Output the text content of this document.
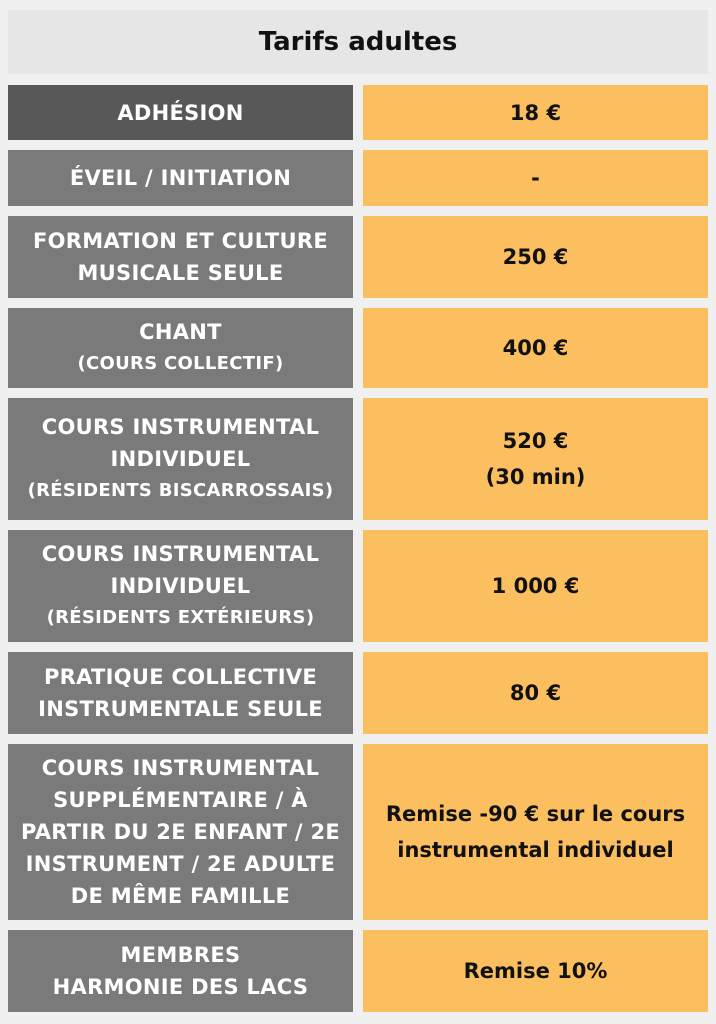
Tarifs adultes
ADHÉSION	18 €
ÉVEIL / INITIATION	-
FORMATION ET CULTURE
MUSICALE SEULE
250 €
CHANT
(COURS COLLECTIF)
400 €
COURS INSTRUMENTAL
INDIVIDUEL
(RÉSIDENTS BISCARROSSAIS)
520 €
(30 min)
COURS INSTRUMENTAL
INDIVIDUEL
(RÉSIDENTS EXTÉRIEURS)
1 000 €
PRATIQUE COLLECTIVE
INSTRUMENTALE SEULE
80 €
COURS INSTRUMENTAL
SUPPLÉMENTAIRE / À
PARTIR DU 2E ENFANT / 2E
INSTRUMENT / 2E ADULTE
DE MÊME FAMILLE
Remise -90 € sur le cours
instrumental individuel
MEMBRES
HARMONIE DES LACS
Remise 10%
